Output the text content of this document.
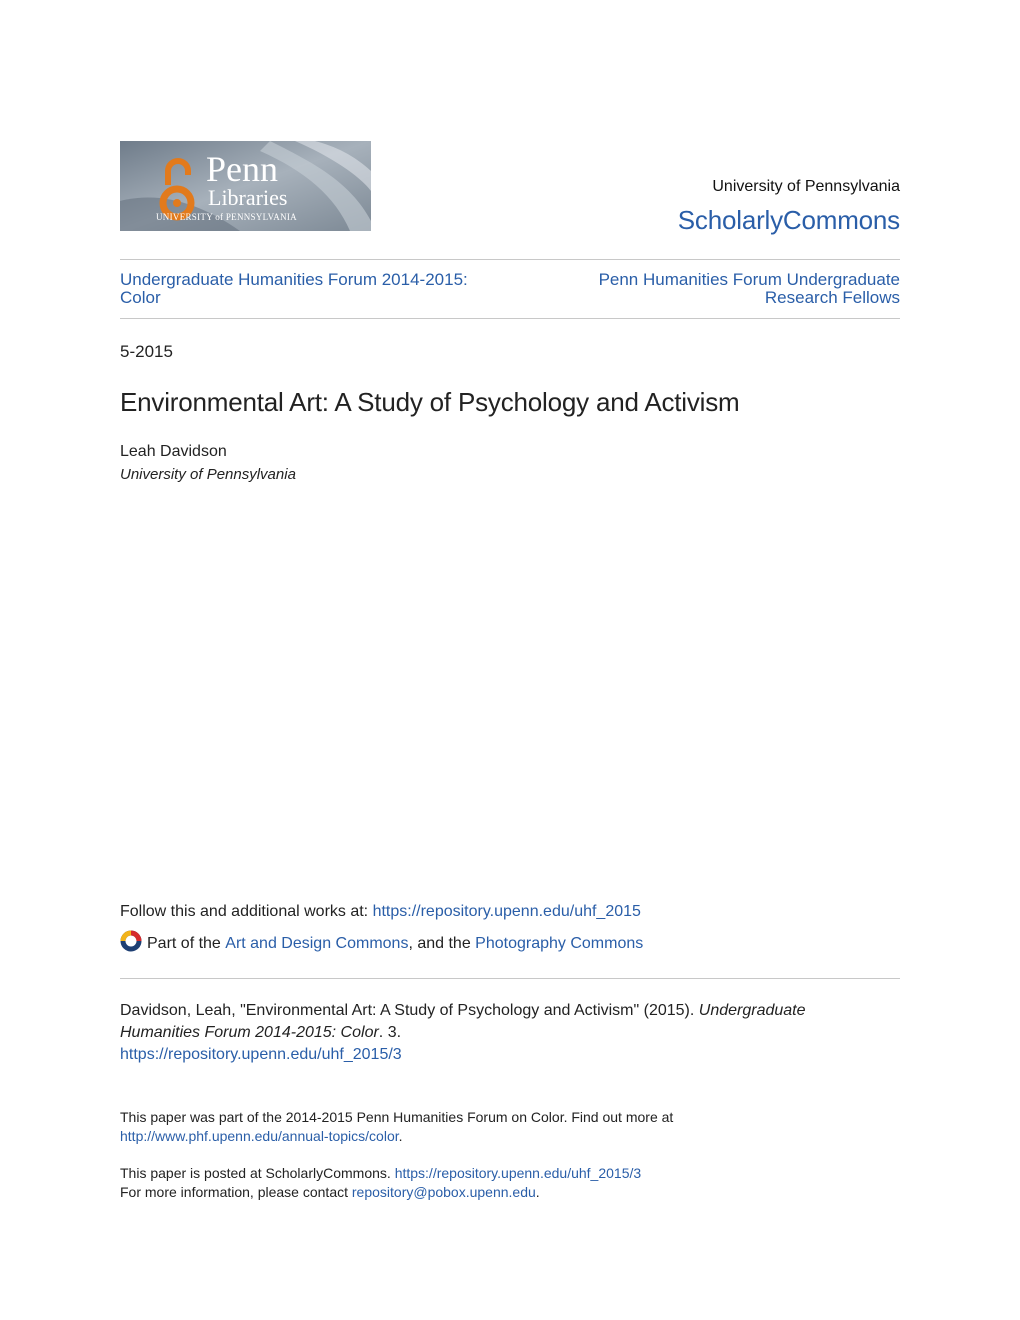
Penn
Libraries
UNIVERSITY of PENNSYLVANIA
University of Pennsylvania
ScholarlyCommons
Undergraduate Humanities Forum 2014-2015:
Color
Penn Humanities Forum Undergraduate
Research Fellows
5-2015
Environmental Art: A Study of Psychology and Activism
Leah Davidson
University of Pennsylvania
Follow this and additional works at: https://repository.upenn.edu/uhf_2015
Part of the Art and Design Commons , and the Photography Commons
Davidson, Leah, "Environmental Art: A Study of Psychology and Activism" (2015). Undergraduate
Humanities Forum 2014-2015: Color. 3.
https://repository.upenn.edu/uhf_2015/3
This paper was part of the 2014-2015 Penn Humanities Forum on Color. Find out more at
http://www.phf.upenn.edu/annual-topics/color.
This paper is posted at ScholarlyCommons. https://repository.upenn.edu/uhf_2015/3
For more information, please contact repository@pobox.upenn.edu.
